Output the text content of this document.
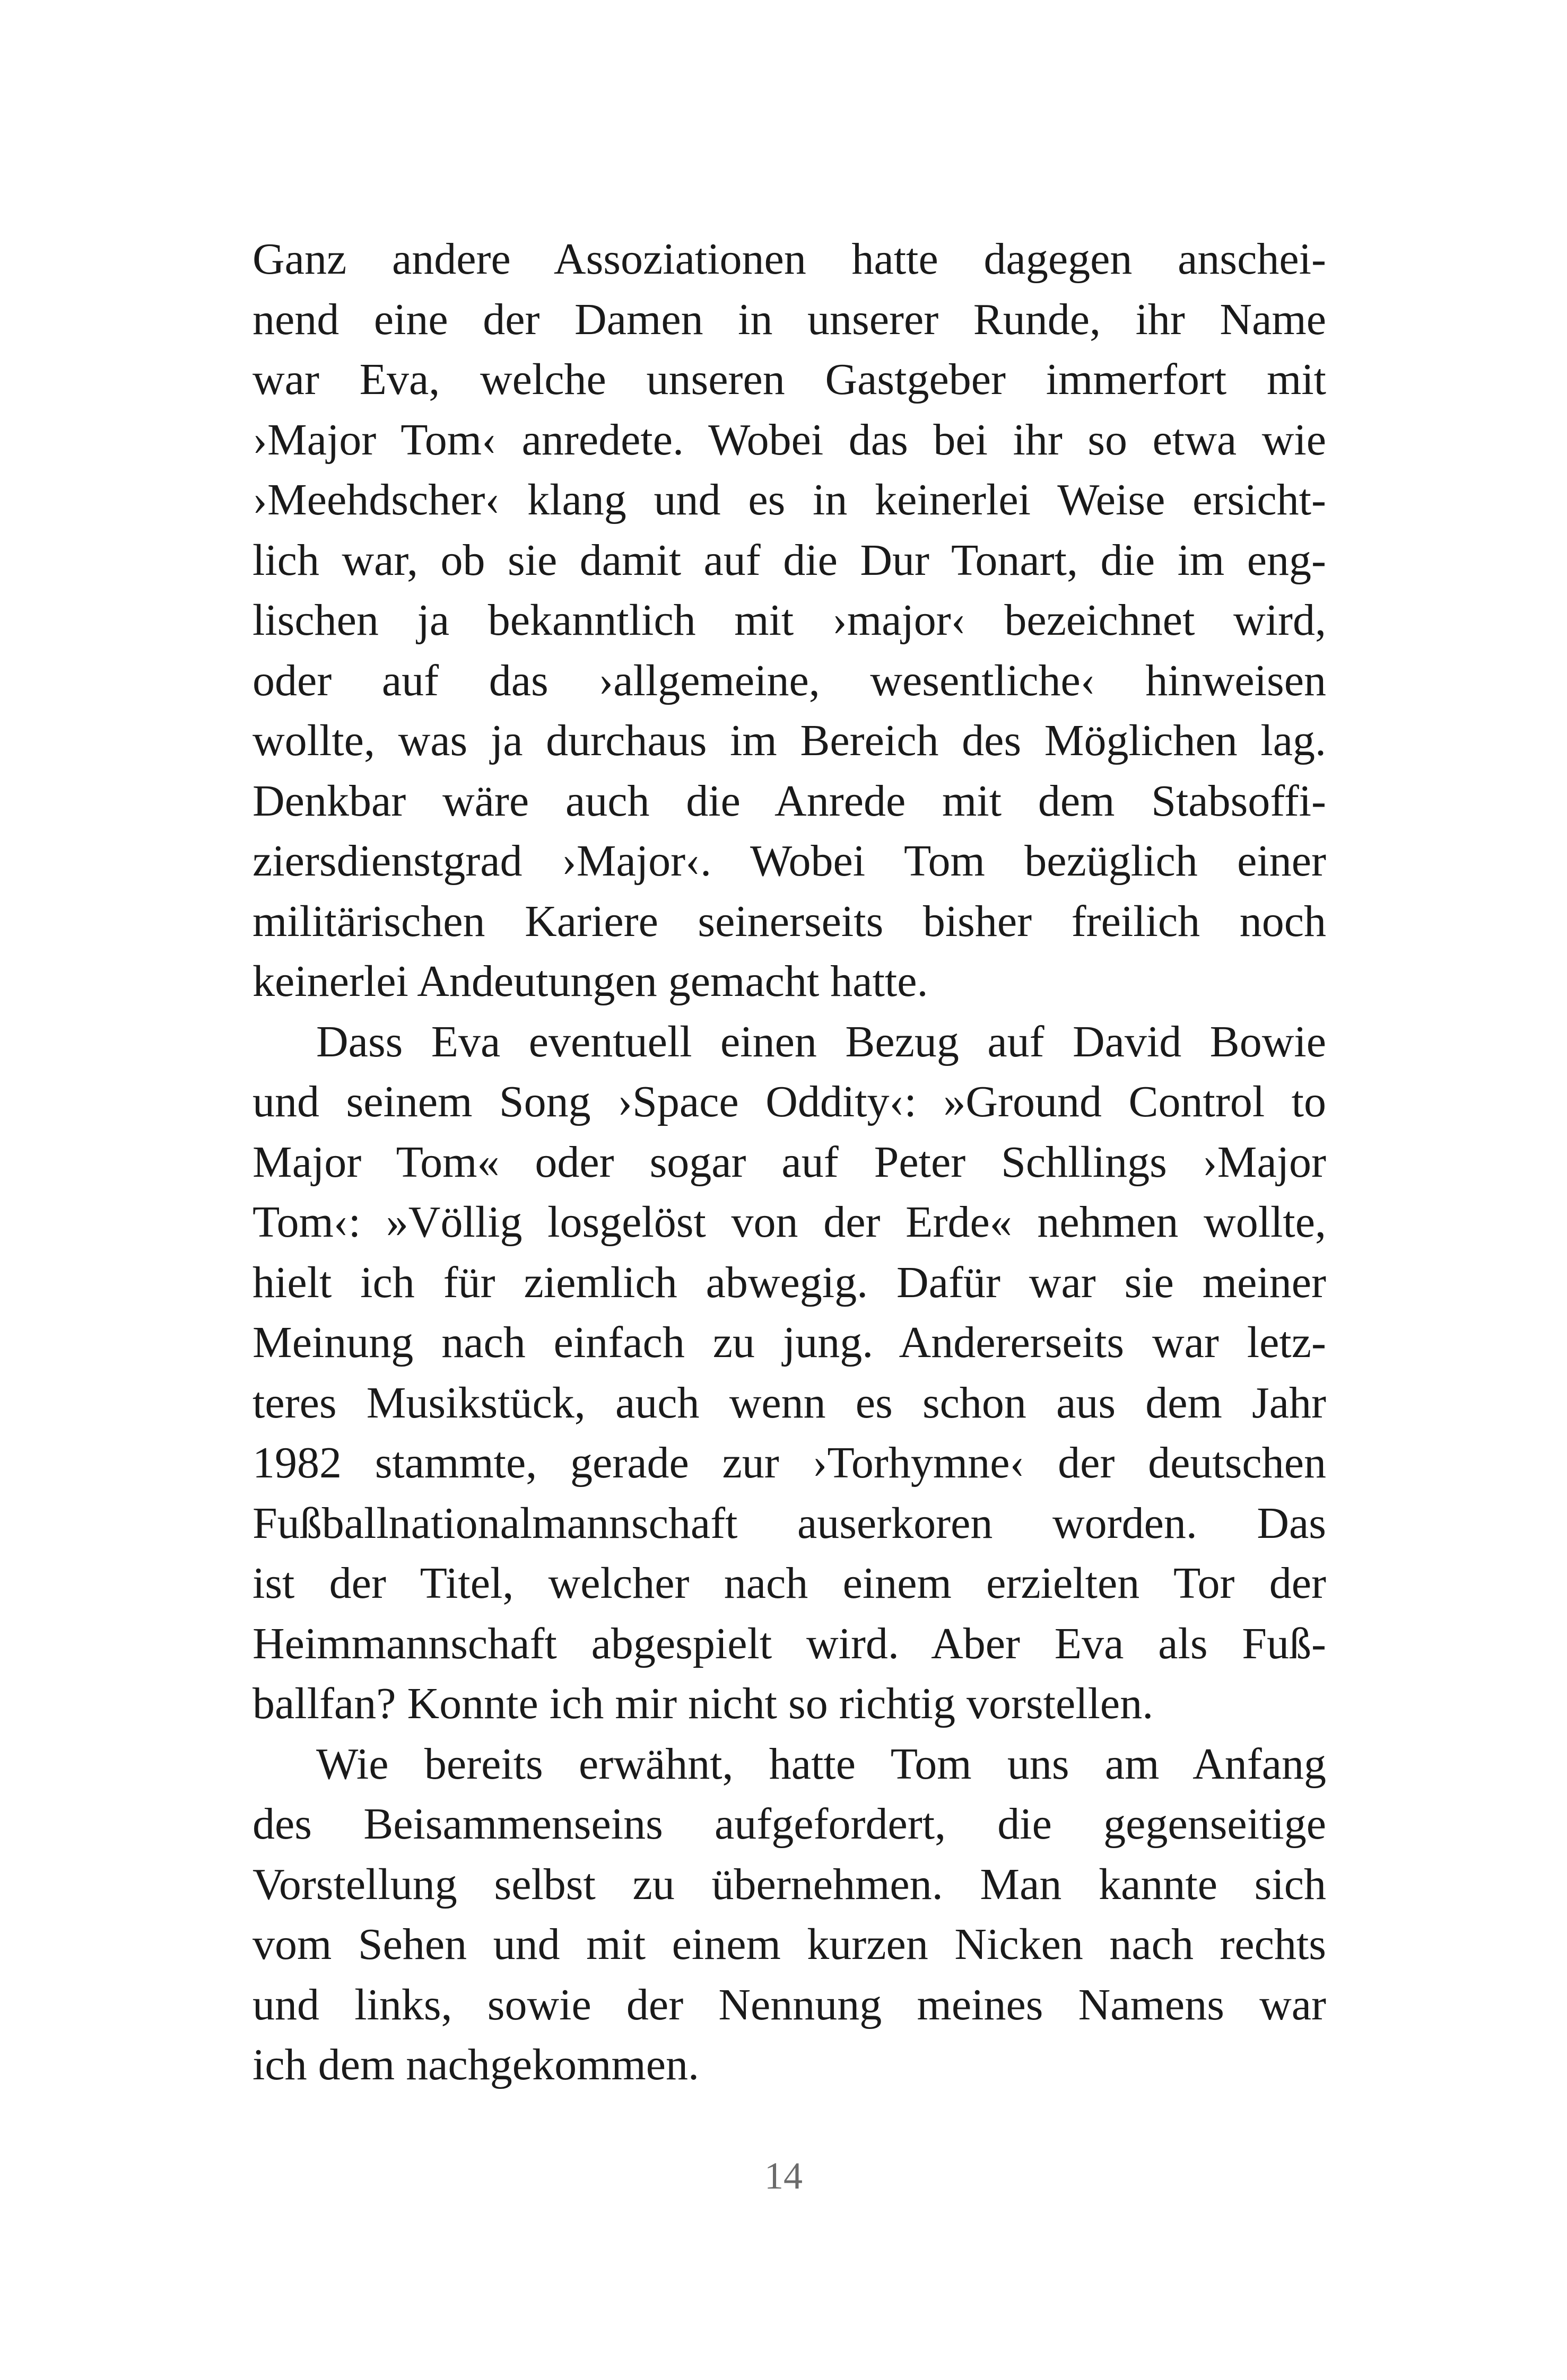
Ganz andere Assoziationen hatte dagegen anschei-
nend eine der Damen in unserer Runde, ihr Name
war Eva, welche unseren Gastgeber immerfort mit
›Major Tom‹ anredete. Wobei das bei ihr so etwa wie
›Meehdscher‹ klang und es in keinerlei Weise ersicht-
lich war, ob sie damit auf die Dur Tonart, die im eng-
lischen ja bekanntlich mit ›major‹ bezeichnet wird,
oder auf das ›allgemeine, wesentliche‹ hinweisen
wollte, was ja durchaus im Bereich des Möglichen lag.
Denkbar wäre auch die Anrede mit dem Stabsoffi-
ziersdienstgrad ›Major‹. Wobei Tom bezüglich einer
militärischen Kariere seinerseits bisher freilich noch
keinerlei Andeutungen gemacht hatte.

Dass Eva eventuell einen Bezug auf David Bowie
und seinem Song ›Space Oddity‹: »Ground Control to
Major Tom« oder sogar auf Peter Schllings ›Major
Tom‹: »Völlig losgelöst von der Erde« nehmen wollte,
hielt ich für ziemlich abwegig. Dafür war sie meiner
Meinung nach einfach zu jung. Andererseits war letz-
teres Musikstück, auch wenn es schon aus dem Jahr
1982 stammte, gerade zur ›Torhymne‹ der deutschen
Fußballnationalmannschaft auserkoren worden. Das
ist der Titel, welcher nach einem erzielten Tor der
Heimmannschaft abgespielt wird. Aber Eva als Fuß-
ballfan? Konnte ich mir nicht so richtig vorstellen.

Wie bereits erwähnt, hatte Tom uns am Anfang
des Beisammenseins aufgefordert, die gegenseitige
Vorstellung selbst zu übernehmen. Man kannte sich
vom Sehen und mit einem kurzen Nicken nach rechts
und links, sowie der Nennung meines Namens war
ich dem nachgekommen.

14
